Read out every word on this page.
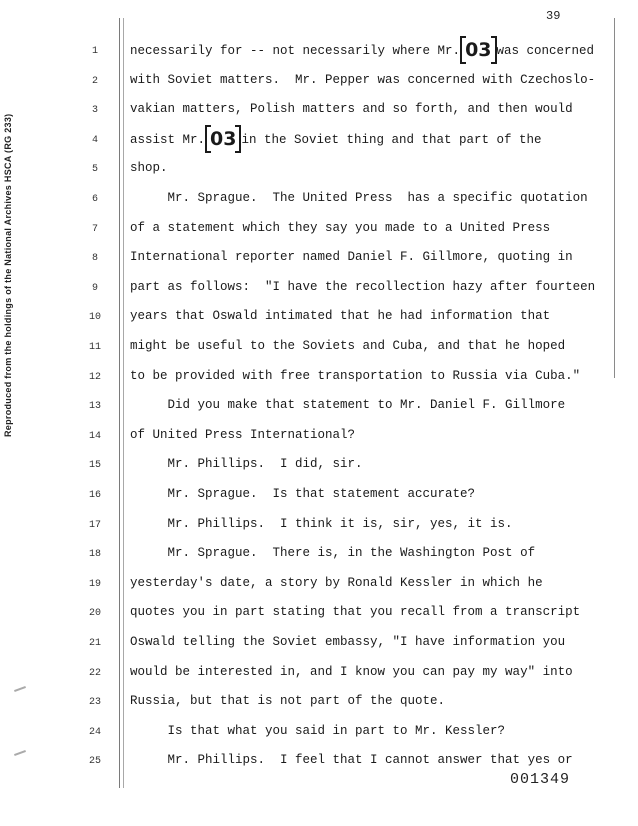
Reproduced from the holdings of the National Archives HSCA (RG 233)
39
1	necessarily for -- not necessarily where Mr. 03 was concerned
2	with Soviet matters.  Mr. Pepper was concerned with Czechoslo-
3	vakian matters, Polish matters and so forth, and then would
4	assist Mr. 03 in the Soviet thing and that part of the
5	shop.
6	Mr. Sprague.  The United Press  has a specific quotation
7	of a statement which they say you made to a United Press
8	International reporter named Daniel F. Gillmore, quoting in
9	part as follows:  "I have the recollection hazy after fourteen
10	years that Oswald intimated that he had information that
11	might be useful to the Soviets and Cuba, and that he hoped
12	to be provided with free transportation to Russia via Cuba."
13	Did you make that statement to Mr. Daniel F. Gillmore
14	of United Press International?
15	Mr. Phillips.  I did, sir.
16	Mr. Sprague.  Is that statement accurate?
17	Mr. Phillips.  I think it is, sir, yes, it is.
18	Mr. Sprague.  There is, in the Washington Post of
19	yesterday's date, a story by Ronald Kessler in which he
20	quotes you in part stating that you recall from a transcript
21	Oswald telling the Soviet embassy, "I have information you
22	would be interested in, and I know you can pay my way" into
23	Russia, but that is not part of the quote.
24	Is that what you said in part to Mr. Kessler?
25	Mr. Phillips.  I feel that I cannot answer that yes or
001349
